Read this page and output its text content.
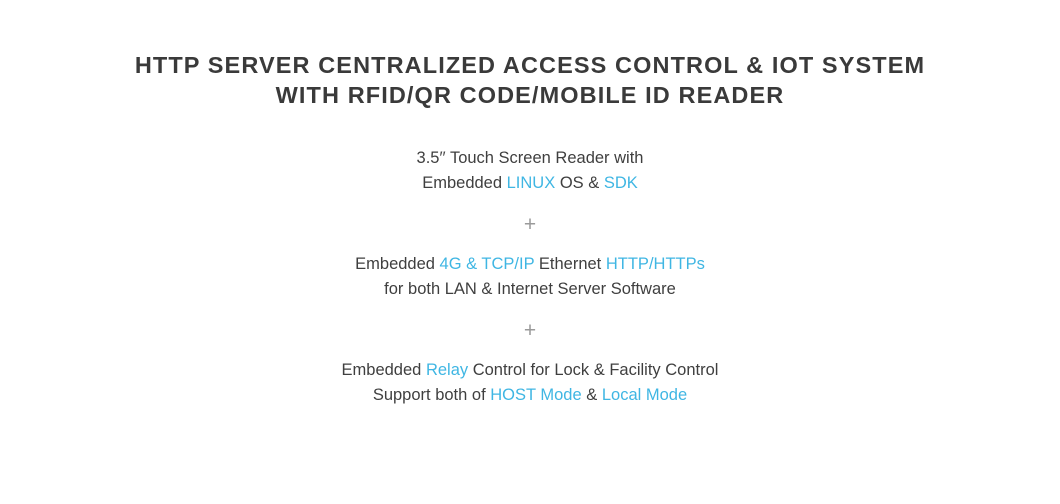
HTTP SERVER CENTRALIZED ACCESS CONTROL & IOT SYSTEM
WITH RFID/QR CODE/MOBILE ID READER
3.5′′ Touch Screen Reader with
Embedded LINUX OS & SDK
+
Embedded 4G & TCP/IP Ethernet HTTP/HTTPs
for both LAN & Internet Server Software
+
Embedded Relay Control for Lock & Facility Control
Support both of HOST Mode & Local Mode
